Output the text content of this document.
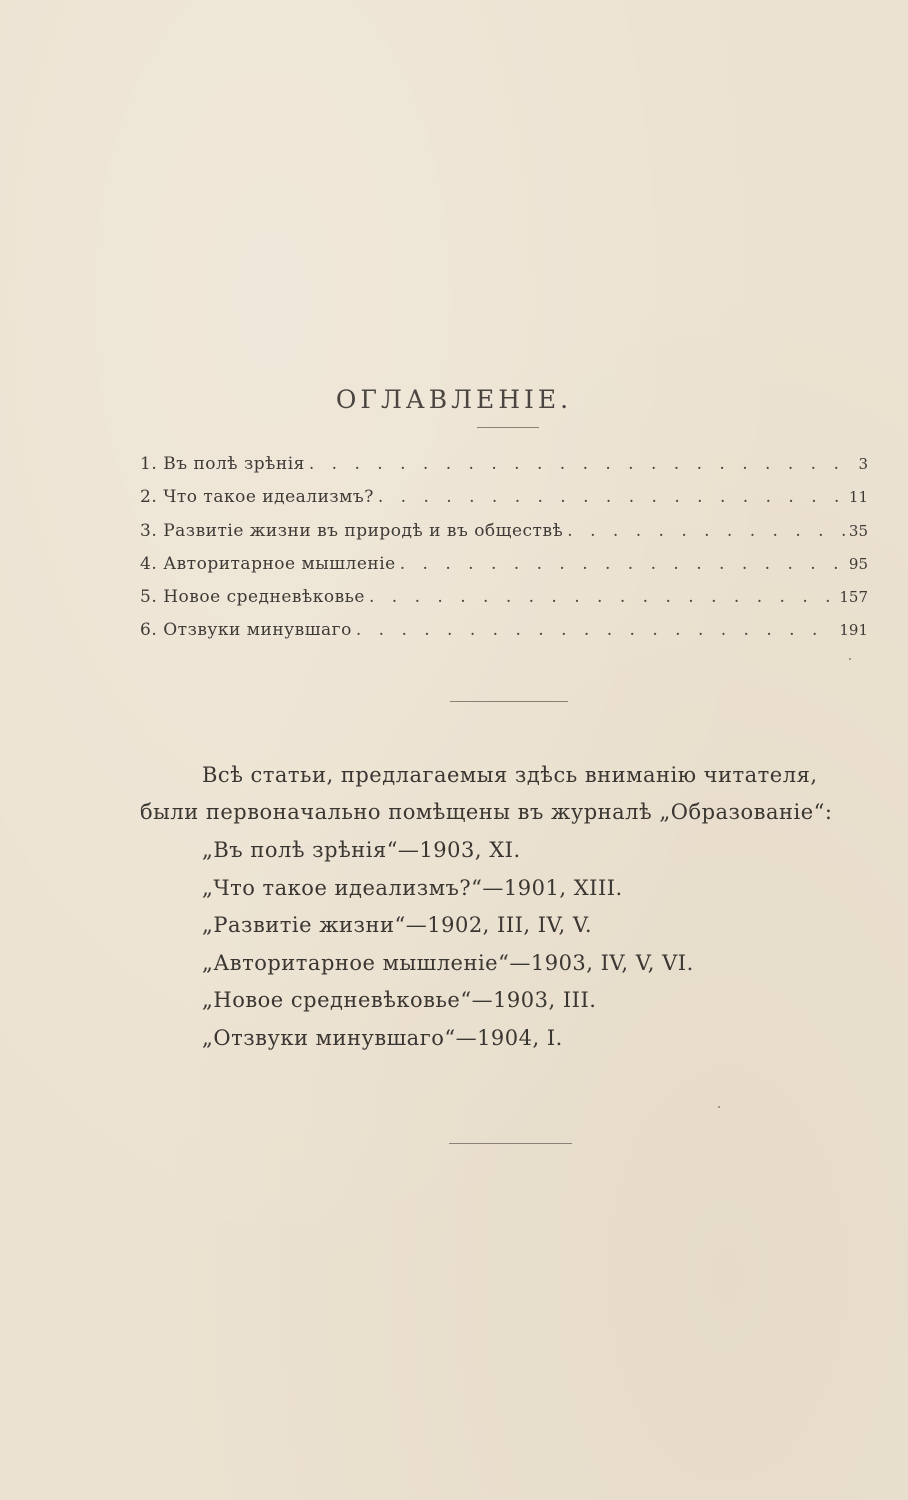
ОГЛАВЛЕНІЕ.
1. Въ полѣ зрѣнія . . .	3
2. Что такое идеализмъ? . . .	11
3. Развитіе жизни въ природѣ и въ обществѣ . . .	35
4. Авторитарное мышленіе . . .	95
5. Новое средневѣковье . . .	157
6. Отзвуки минувшаго . . .	191
Всѣ статьи, предлагаемыя здѣсь вниманію читателя,
были первоначально помѣщены въ журналѣ „Образованіе“:
„Въ полѣ зрѣнія“—1903, XI.
„Что такое идеализмъ?“—1901, XIII.
„Развитіе жизни“—1902, III, IV, V.
„Авторитарное мышленіе“—1903, IV, V, VI.
„Новое средневѣковье“—1903, III.
„Отзвуки минувшаго“—1904, I.
